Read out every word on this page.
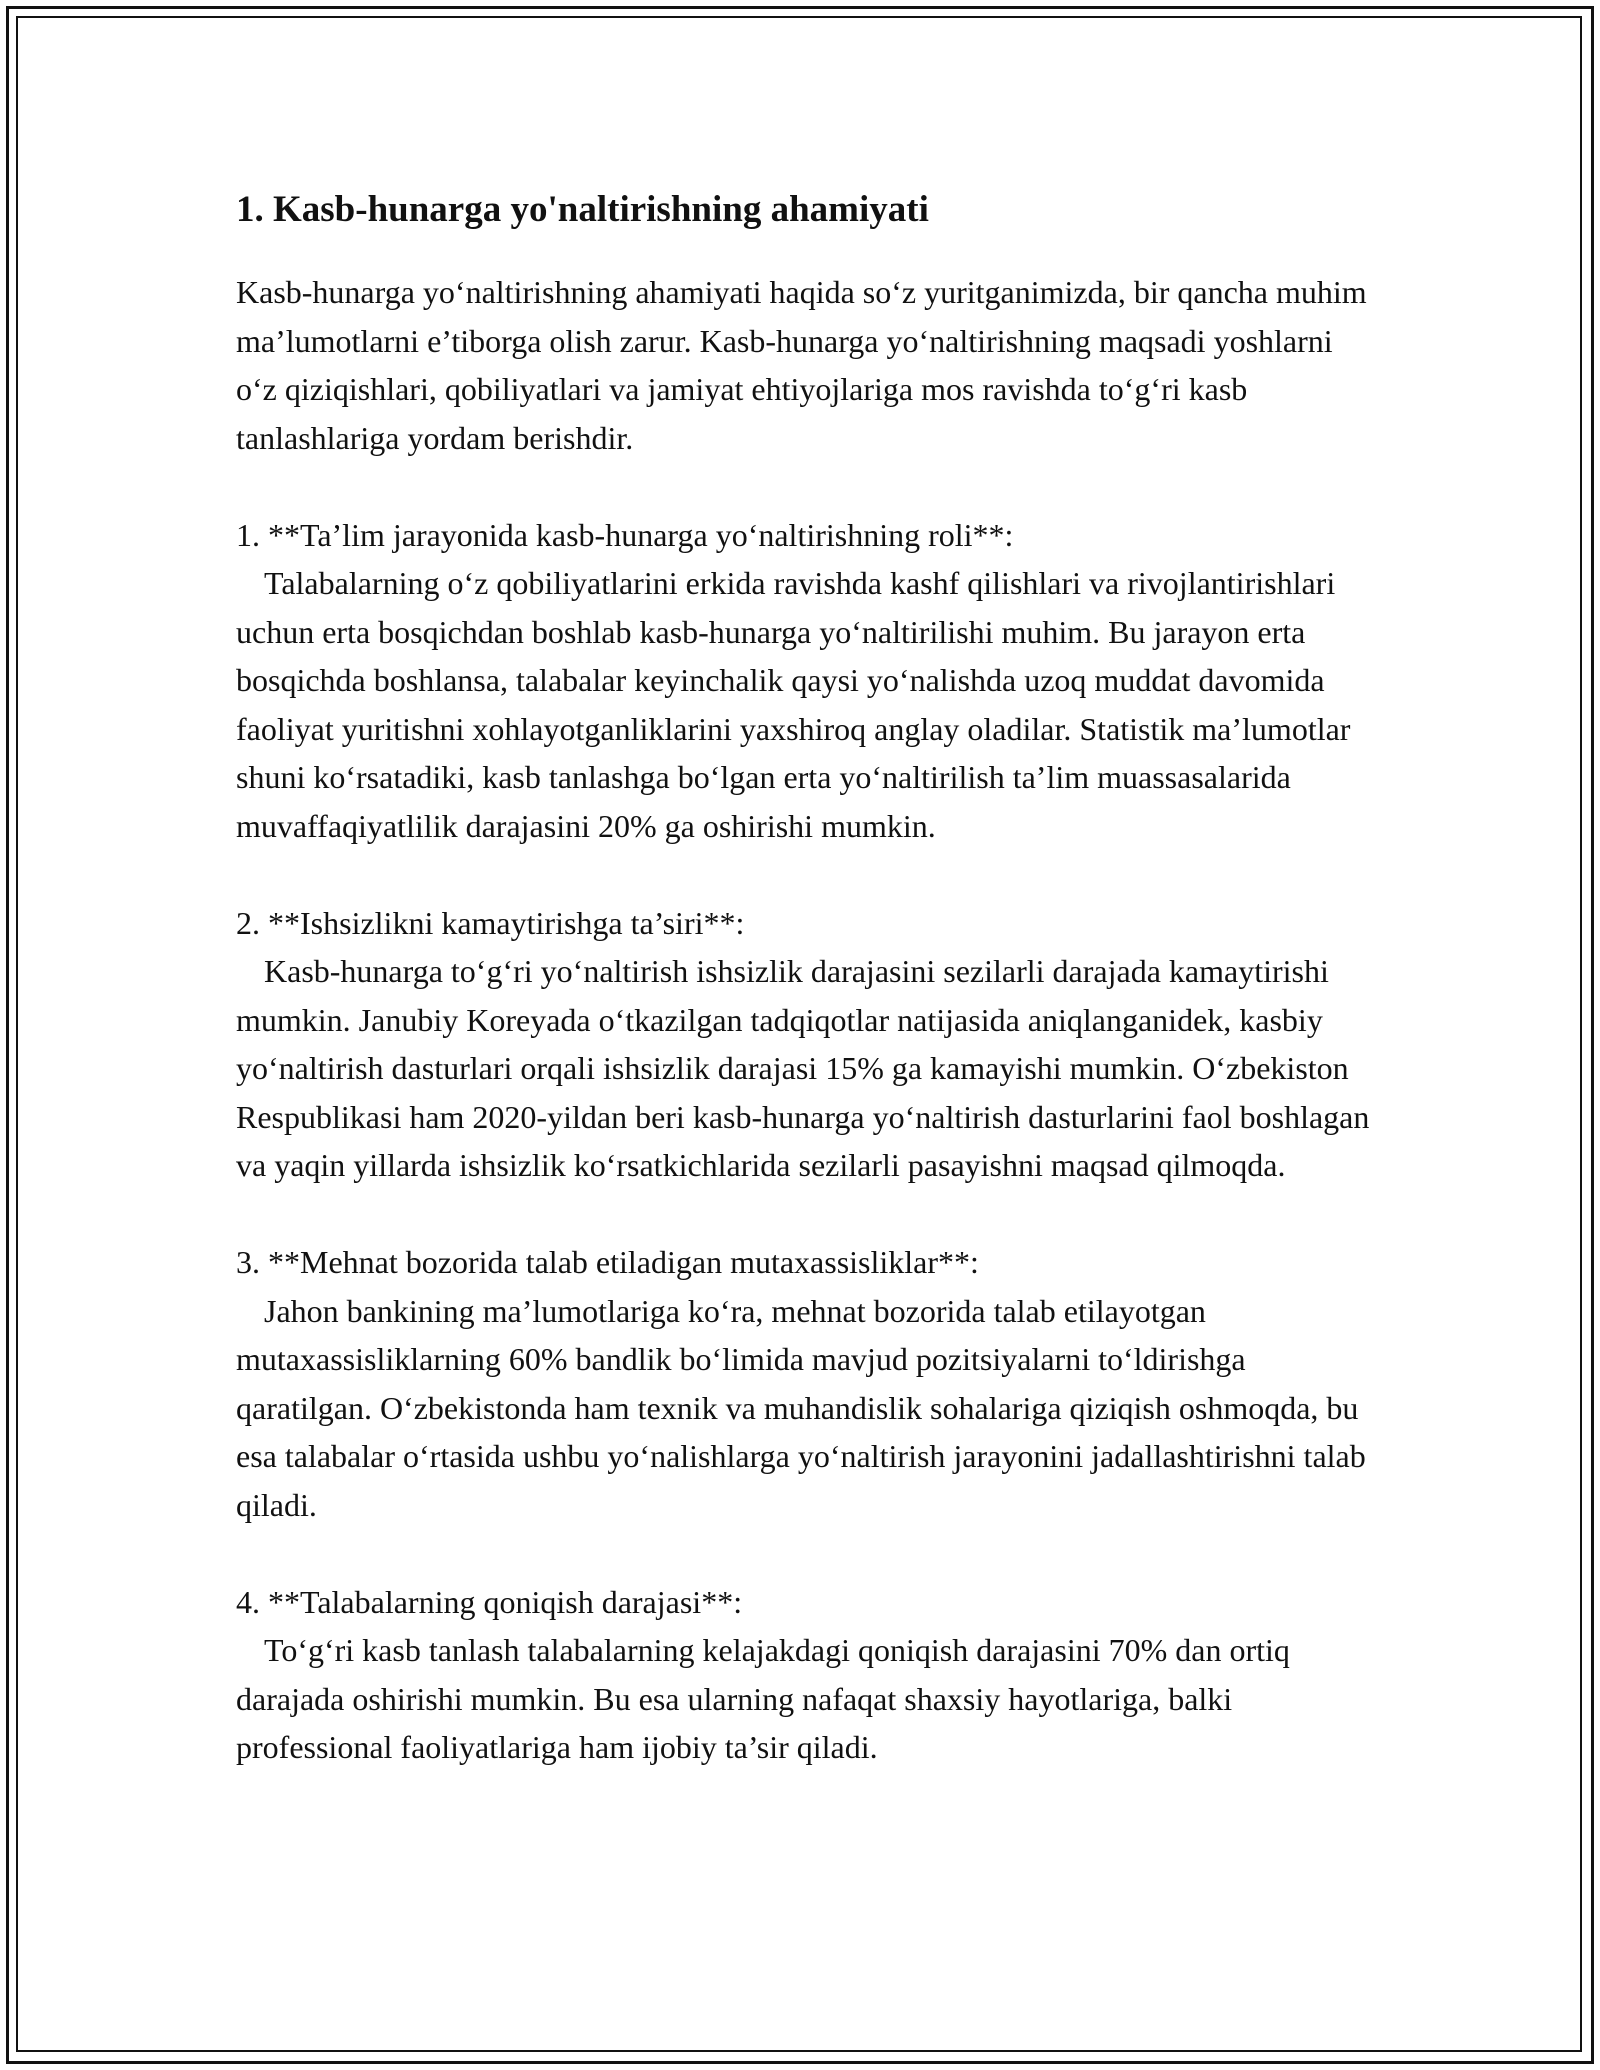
1. Kasb-hunarga yo'naltirishning ahamiyati

Kasb-hunarga yo‘naltirishning ahamiyati haqida so‘z yuritganimizda, bir qancha muhim ma’lumotlarni e’tiborga olish zarur. Kasb-hunarga yo‘naltirishning maqsadi yoshlarni o‘z qiziqishlari, qobiliyatlari va jamiyat ehtiyojlariga mos ravishda to‘g‘ri kasb tanlashlariga yordam berishdir.

1. **Ta’lim jarayonida kasb-hunarga yo‘naltirishning roli**:

Talabalarning o‘z qobiliyatlarini erkida ravishda kashf qilishlari va rivojlantirishlari uchun erta bosqichdan boshlab kasb-hunarga yo‘naltirilishi muhim. Bu jarayon erta bosqichda boshlansa, talabalar keyinchalik qaysi yo‘nalishda uzoq muddat davomida faoliyat yuritishni xohlayotganliklarini yaxshiroq anglay oladilar. Statistik ma’lumotlar shuni ko‘rsatadiki, kasb tanlashga bo‘lgan erta yo‘naltirilish ta’lim muassasalarida muvaffaqiyatlilik darajasini 20% ga oshirishi mumkin.

2. **Ishsizlikni kamaytirishga ta’siri**:

Kasb-hunarga to‘g‘ri yo‘naltirish ishsizlik darajasini sezilarli darajada kamaytirishi mumkin. Janubiy Koreyada o‘tkazilgan tadqiqotlar natijasida aniqlanganidek, kasbiy yo‘naltirish dasturlari orqali ishsizlik darajasi 15% ga kamayishi mumkin. O‘zbekiston Respublikasi ham 2020-yildan beri kasb-hunarga yo‘naltirish dasturlarini faol boshlagan va yaqin yillarda ishsizlik ko‘rsatkichlarida sezilarli pasayishni maqsad qilmoqda.

3. **Mehnat bozorida talab etiladigan mutaxassisliklar**:

Jahon bankining ma’lumotlariga ko‘ra, mehnat bozorida talab etilayotgan mutaxassisliklarning 60% bandlik bo‘limida mavjud pozitsiyalarni to‘ldirishga qaratilgan. O‘zbekistonda ham texnik va muhandislik sohalariga qiziqish oshmoqda, bu esa talabalar o‘rtasida ushbu yo‘nalishlarga yo‘naltirish jarayonini jadallashtirishni talab qiladi.

4. **Talabalarning qoniqish darajasi**:

To‘g‘ri kasb tanlash talabalarning kelajakdagi qoniqish darajasini 70% dan ortiq darajada oshirishi mumkin. Bu esa ularning nafaqat shaxsiy hayotlariga, balki professional faoliyatlariga ham ijobiy ta’sir qiladi.
